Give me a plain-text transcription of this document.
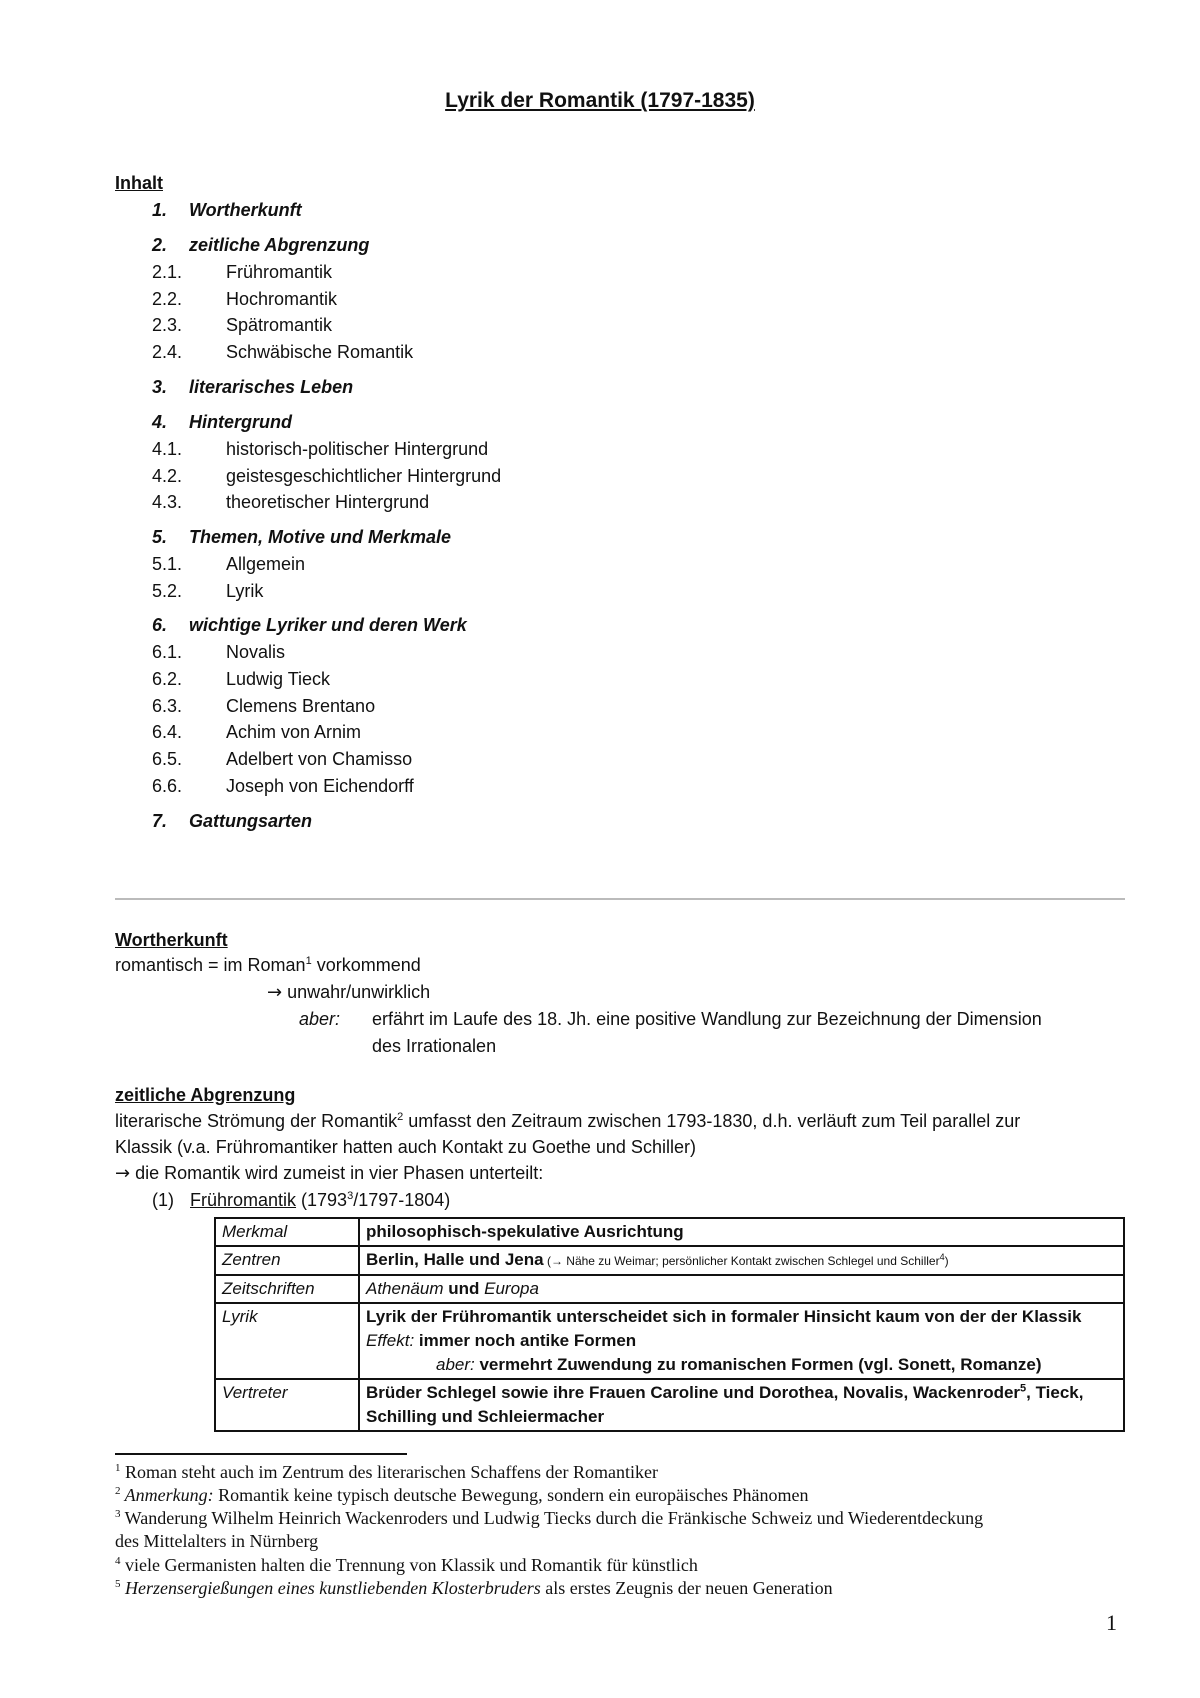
Lyrik der Romantik (1797-1835)
Inhalt
1. Wortherkunft
2. zeitliche Abgrenzung
2.1. Frühromantik
2.2. Hochromantik
2.3. Spätromantik
2.4. Schwäbische Romantik
3. literarisches Leben
4. Hintergrund
4.1. historisch-politischer Hintergrund
4.2. geistesgeschichtlicher Hintergrund
4.3. theoretischer Hintergrund
5. Themen, Motive und Merkmale
5.1. Allgemein
5.2. Lyrik
6. wichtige Lyriker und deren Werk
6.1. Novalis
6.2. Ludwig Tieck
6.3. Clemens Brentano
6.4. Achim von Arnim
6.5. Adelbert von Chamisso
6.6. Joseph von Eichendorff
7. Gattungsarten
Wortherkunft
romantisch = im Roman$^1$ vorkommend
→ unwahr/unwirklich
aber: erfährt im Laufe des 18. Jh. eine positive Wandlung zur Bezeichnung der Dimension
des Irrationalen
zeitliche Abgrenzung
literarische Strömung der Romantik$^2$ umfasst den Zeitraum zwischen 1793-1830, d.h. verläuft zum Teil parallel zur
Klassik (v.a. Frühromantiker hatten auch Kontakt zu Goethe und Schiller)
→ die Romantik wird zumeist in vier Phasen unterteilt:
(1) Frühromantik (1793$^3$/1797-1804)
Merkmal	philosophisch-spekulative Ausrichtung
Zentren	Berlin, Halle und Jena (→ Nähe zu Weimar; persönlicher Kontakt zwischen Schlegel und Schiller$^4$)
Zeitschriften	Athenäum und Europa
Lyrik	Lyrik der Frühromantik unterscheidet sich in formaler Hinsicht kaum von der der Klassik
Effekt: immer noch antike Formen
aber: vermehrt Zuwendung zu romanischen Formen (vgl. Sonett, Romanze)

Vertreter	Brüder Schlegel sowie ihre Frauen Caroline und Dorothea, Novalis, Wackenroder$^5$, Tieck,
Schilling und Schleiermacher
$^1$ Roman steht auch im Zentrum des literarischen Schaffens der Romantiker
$^2$ Anmerkung: Romantik keine typisch deutsche Bewegung, sondern ein europäisches Phänomen
$^3$ Wanderung Wilhelm Heinrich Wackenroders und Ludwig Tiecks durch die Fränkische Schweiz und Wiederentdeckung
des Mittelalters in Nürnberg
$^4$ viele Germanisten halten die Trennung von Klassik und Romantik für künstlich
$^5$ Herzensergießungen eines kunstliebenden Klosterbruders als erstes Zeugnis der neuen Generation
1
